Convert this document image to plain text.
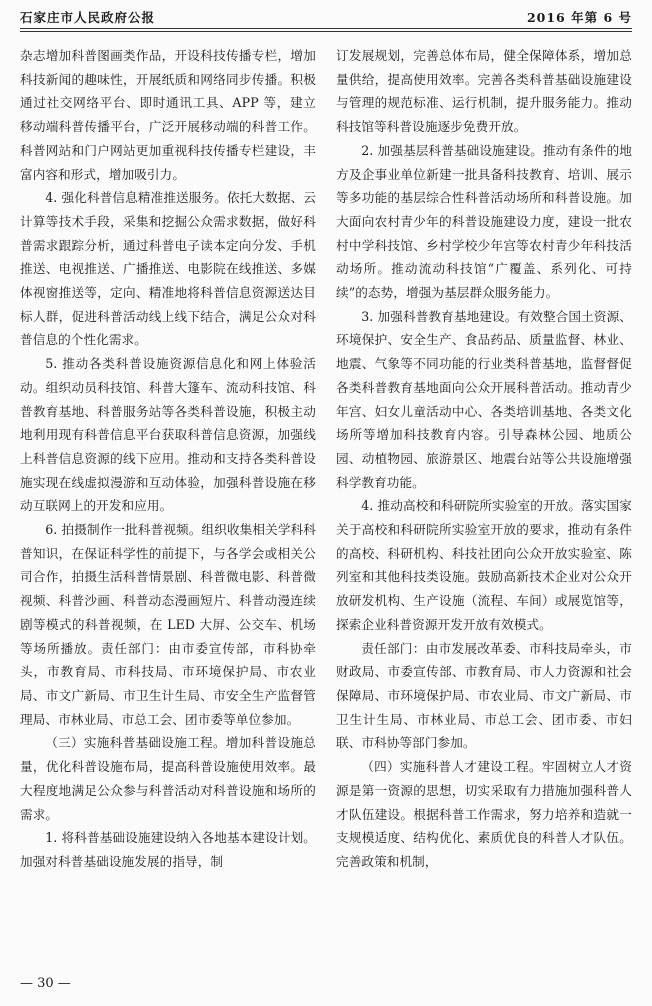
石家庄市人民政府公报	2016 年第 6 号

杂志增加科普图画类作品，开设科技传播专栏，增加科技新闻的趣味性，开展纸质和网络同步传播。积极通过社交网络平台、即时通讯工具、APP 等，建立移动端科普传播平台，广泛开展移动端的科普工作。科普网站和门户网站更加重视科技传播专栏建设，丰富内容和形式，增加吸引力。

4. 强化科普信息精准推送服务。依托大数据、云计算等技术手段，采集和挖掘公众需求数据，做好科普需求跟踪分析，通过科普电子读本定向分发、手机推送、电视推送、广播推送、电影院在线推送、多媒体视窗推送等，定向、精准地将科普信息资源送达目标人群，促进科普活动线上线下结合，满足公众对科普信息的个性化需求。

5. 推动各类科普设施资源信息化和网上体验活动。组织动员科技馆、科普大篷车、流动科技馆、科普教育基地、科普服务站等各类科普设施，积极主动地利用现有科普信息平台获取科普信息资源，加强线上科普信息资源的线下应用。推动和支持各类科普设施实现在线虚拟漫游和互动体验，加强科普设施在移动互联网上的开发和应用。

6. 拍摄制作一批科普视频。组织收集相关学科科普知识，在保证科学性的前提下，与各学会或相关公司合作，拍摄生活科普情景剧、科普微电影、科普微视频、科普沙画、科普动态漫画短片、科普动漫连续剧等模式的科普视频，在 LED 大屏、公交车、机场等场所播放。责任部门：由市委宣传部，市科协牵头，市教育局、市科技局、市环境保护局、市农业局、市文广新局、市卫生计生局、市安全生产监督管理局、市林业局、市总工会、团市委等单位参加。

（三）实施科普基础设施工程。增加科普设施总量，优化科普设施布局，提高科普设施使用效率。最大程度地满足公众参与科普活动对科普设施和场所的需求。

1. 将科普基础设施建设纳入各地基本建设计划。加强对科普基础设施发展的指导，制

订发展规划，完善总体布局，健全保障体系，增加总量供给，提高使用效率。完善各类科普基础设施建设与管理的规范标准、运行机制，提升服务能力。推动科技馆等科普设施逐步免费开放。

2. 加强基层科普基础设施建设。推动有条件的地方及企事业单位新建一批具备科技教育、培训、展示等多功能的基层综合性科普活动场所和科普设施。加大面向农村青少年的科普设施建设力度，建设一批农村中学科技馆、乡村学校少年宫等农村青少年科技活动场所。推动流动科技馆“广覆盖、系列化、可持续”的态势，增强为基层群众服务能力。

3. 加强科普教育基地建设。有效整合国土资源、环境保护、安全生产、食品药品、质量监督、林业、地震、气象等不同功能的行业类科普基地，监督督促各类科普教育基地面向公众开展科普活动。推动青少年宫、妇女儿童活动中心、各类培训基地、各类文化场所等增加科技教育内容。引导森林公园、地质公园、动植物园、旅游景区、地震台站等公共设施增强科学教育功能。

4. 推动高校和科研院所实验室的开放。落实国家关于高校和科研院所实验室开放的要求，推动有条件的高校、科研机构、科技社团向公众开放实验室、陈列室和其他科技类设施。鼓励高新技术企业对公众开放研发机构、生产设施（流程、车间）或展览馆等，探索企业科普资源开发开放有效模式。

责任部门：由市发展改革委、市科技局牵头，市财政局、市委宣传部、市教育局、市人力资源和社会保障局、市环境保护局、市农业局、市文广新局、市卫生计生局、市林业局、市总工会、团市委、市妇联、市科协等部门参加。

（四）实施科普人才建设工程。牢固树立人才资源是第一资源的思想，切实采取有力措施加强科普人才队伍建设。根据科普工作需求，努力培养和造就一支规模适度、结构优化、素质优良的科普人才队伍。完善政策和机制，

— 30 —
